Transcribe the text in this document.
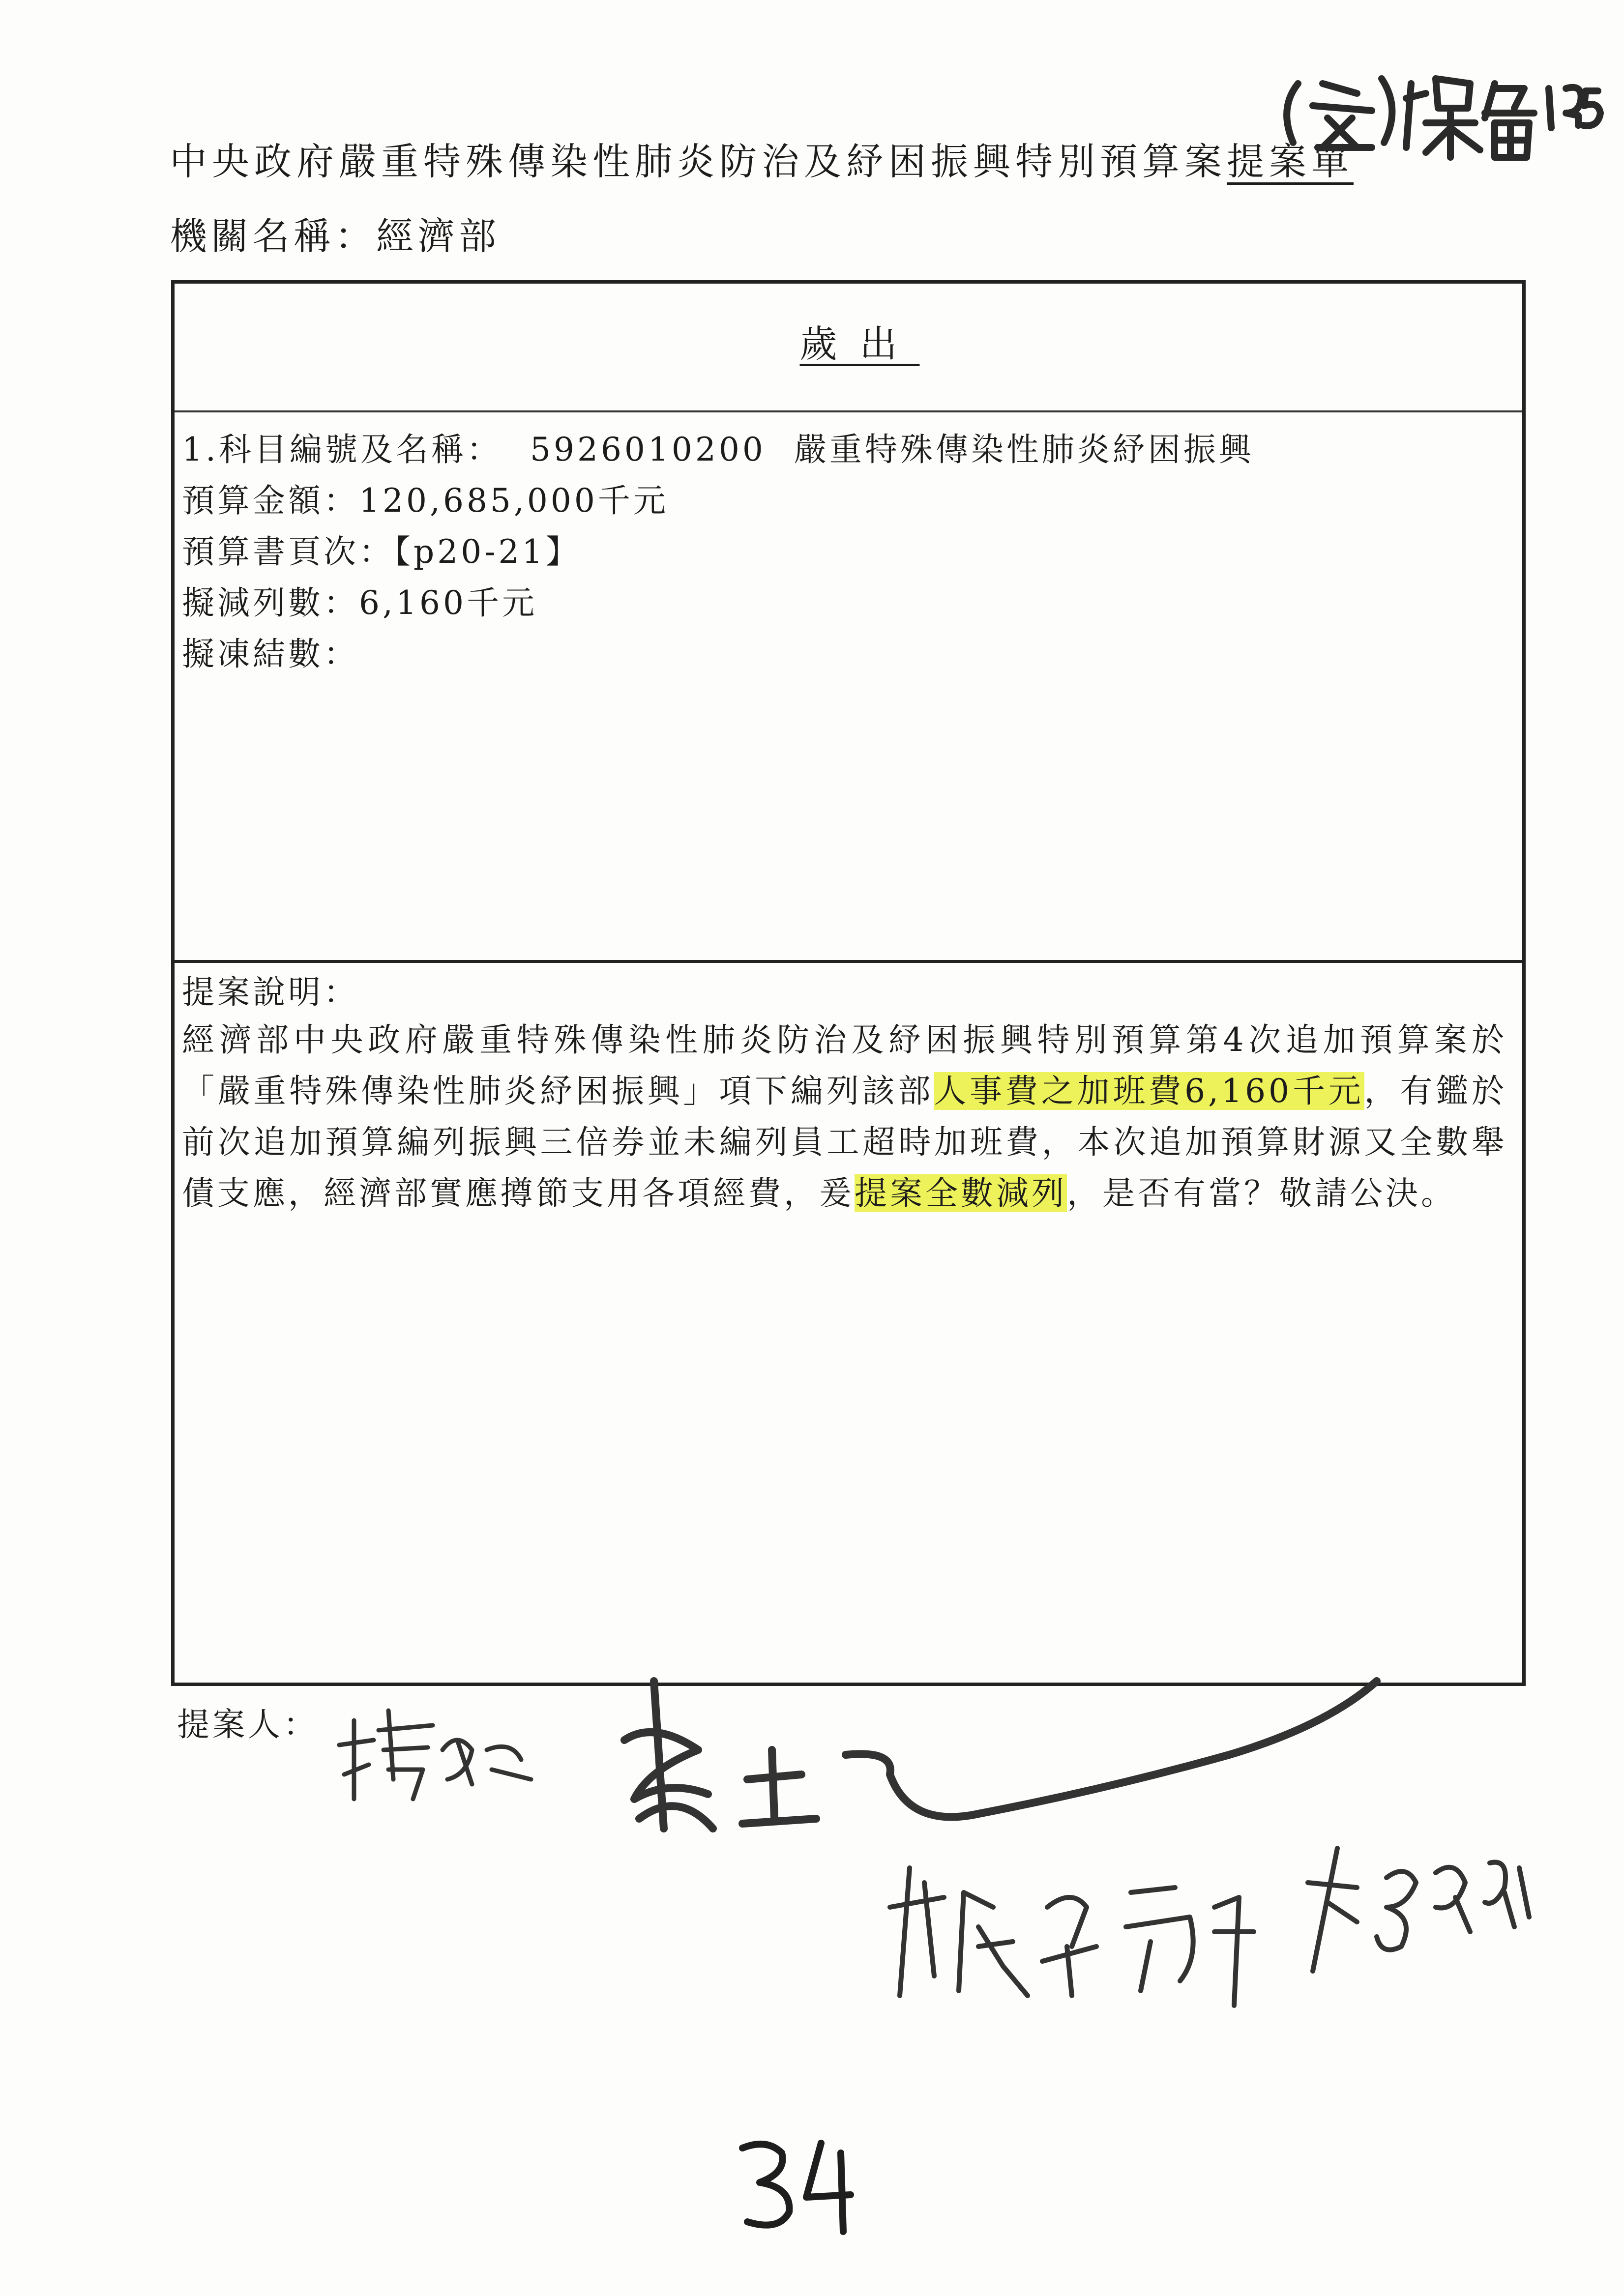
中央政府嚴重特殊傳染性肺炎防治及紓困振興特別預算案提案單
機關名稱：經濟部
歲出
1.科目編號及名稱： 5926010200 嚴重特殊傳染性肺炎紓困振興
預算金額：120,685,000千元
預算書頁次：【p20-21】
擬減列數：6,160千元
擬凍結數：
提案說明：
經濟部中央政府嚴重特殊傳染性肺炎防治及紓困振興特別預算第4次追加預算案於「嚴重特殊傳染性肺炎紓困振興」項下編列該部人事費之加班費6,160千元，有鑑於前次追加預算編列振興三倍券並未編列員工超時加班費，本次追加預算財源又全數舉債支應，經濟部實應撙節支用各項經費，爰提案全數減列，是否有當？敬請公決。
提案人：
